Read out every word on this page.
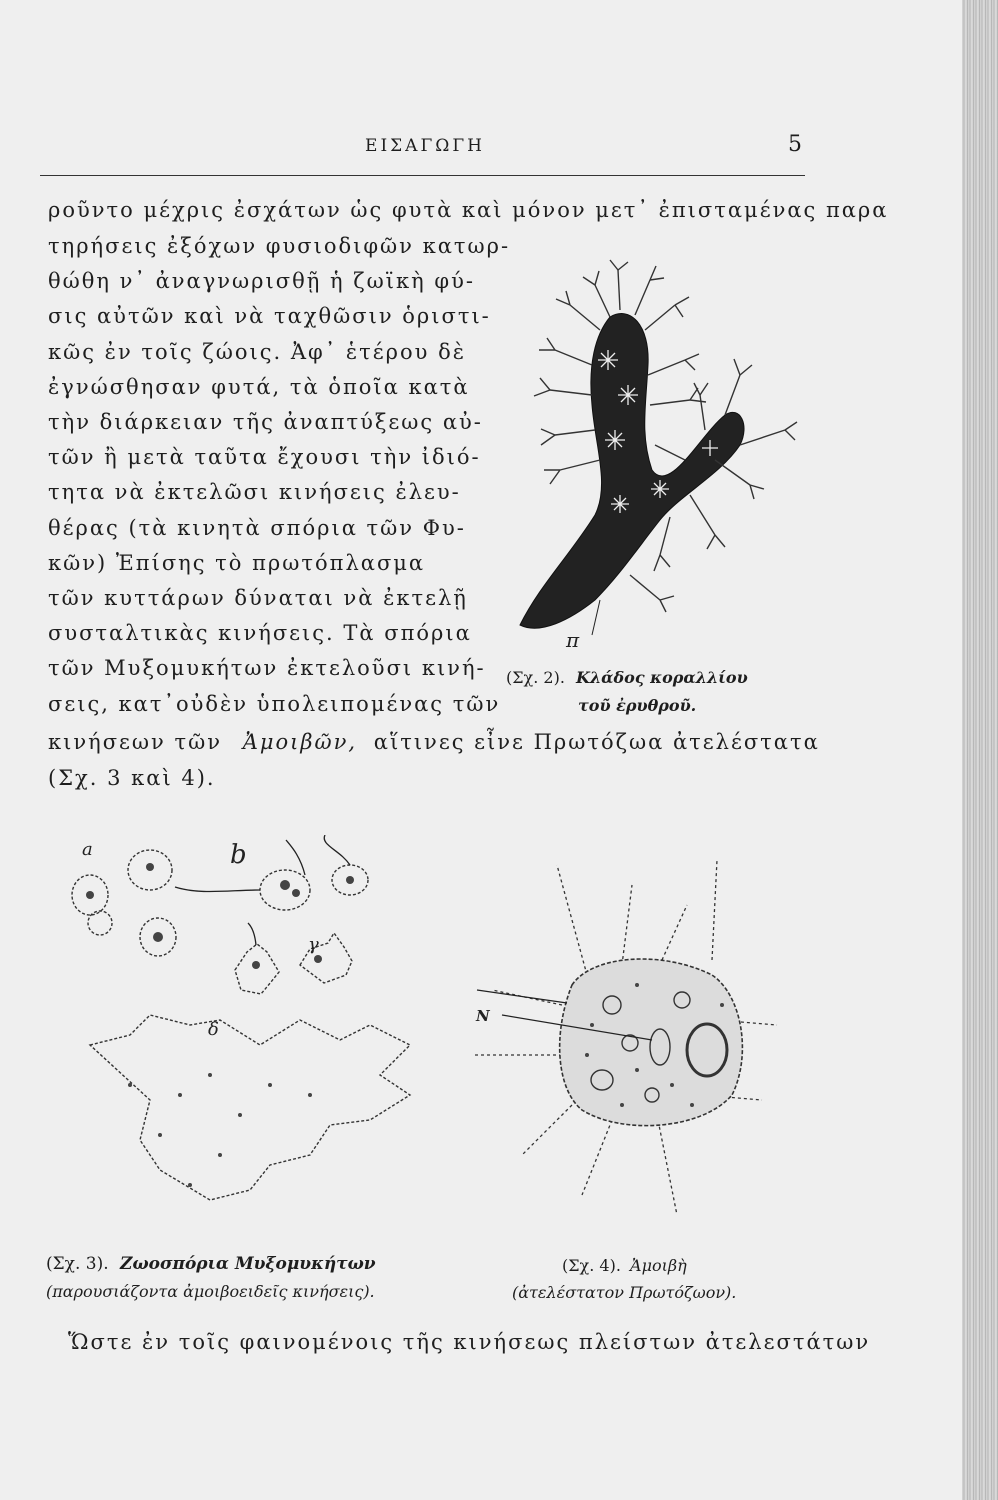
ΕΙΣΑΓΩΓΗ	5
ροῦντο μέχρις ἐσχάτων ὡς φυτὰ καὶ μόνον μετ᾽ ἐπισταμένας παρα
τηρήσεις ἐξόχων φυσιοδιφῶν κατωρ-
θώθη ν᾽ ἀναγνωρισθῇ ἡ ζωϊκὴ φύ-
σις αὐτῶν καὶ νὰ ταχθῶσιν ὁριστι-
κῶς ἐν τοῖς ζώοις. Ἀφ᾽ ἑτέρου δὲ
ἐγνώσθησαν φυτά, τὰ ὁποῖα κατὰ
τὴν διάρκειαν τῆς ἀναπτύξεως αὐ-
τῶν ἢ μετὰ ταῦτα ἔχουσι τὴν ἰδιό-
τητα νὰ ἐκτελῶσι κινήσεις ἐλευ-
θέρας (τὰ κινητὰ σπόρια τῶν Φυ-
κῶν) Ἐπίσης τὸ πρωτόπλασμα
τῶν κυττάρων δύναται νὰ ἐκτελῇ
συσταλτικὰς κινήσεις. Τὰ σπόρια
τῶν Μυξομυκήτων ἐκτελοῦσι κινή-
σεις, κατ᾽οὐδὲν ὑπολειπομένας τῶν
κινήσεων τῶν Ἀμοιβῶν, αἵτινες εἶνε Πρωτόζωα ἀτελέστατα
(Σχ. 3 καὶ 4).
π
(Σχ. 2). Κλάδος κοραλλίου
τοῦ ἐρυθροῦ.
a	b
γ
δ
(Σχ. 3). Ζωοσπόρια Μυξομυκήτων
(παρουσιάζοντα ἀμοιβοειδεῖς κινήσεις).
N
(Σχ. 4). Ἀμοιβὴ
(ἀτελέστατον Πρωτόζωον).
Ὥστε ἐν τοῖς φαινομένοις τῆς κινήσεως πλείστων ἀτελεστάτων
